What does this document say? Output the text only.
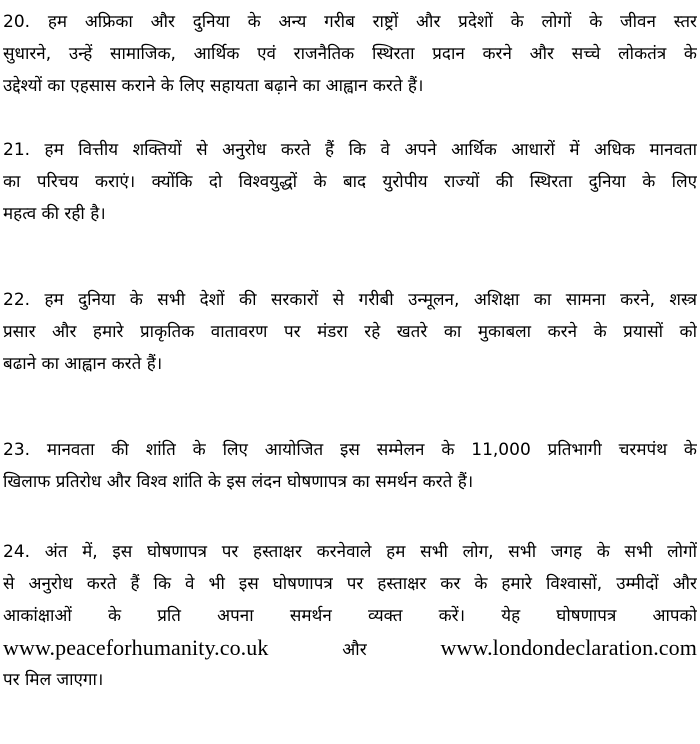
20. हम अफ्रिका और दुनिया के अन्य गरीब राष्ट्रों और प्रदेशों के लोगों के जीवन स्तर
सुधारने, उन्हें सामाजिक, आर्थिक एवं राजनैतिक स्थिरता प्रदान करने और सच्चे लोकतंत्र के
उद्देश्यों का एहसास कराने के लिए सहायता बढ़ाने का आह्वान करते हैं।
21. हम वित्तीय शक्तियों से अनुरोध करते हैं कि वे अपने आर्थिक आधारों में अधिक मानवता
का परिचय कराएं। क्योंकि दो विश्वयुद्धों के बाद युरोपीय राज्यों की स्थिरता दुनिया के लिए
महत्व की रही है।
22. हम दुनिया के सभी देशों की सरकारों से गरीबी उन्मूलन, अशिक्षा का सामना करने, शस्त्र
प्रसार और हमारे प्राकृतिक वातावरण पर मंडरा रहे खतरे का मुकाबला करने के प्रयासों को
बढाने का आह्वान करते हैं।
23. मानवता की शांति के लिए आयोजित इस सम्मेलन के 11,000 प्रतिभागी चरमपंथ के
खिलाफ प्रतिरोध और विश्व शांति के इस लंदन घोषणापत्र का समर्थन करते हैं।
24. अंत में, इस घोषणापत्र पर हस्ताक्षर करनेवाले हम सभी लोग, सभी जगह के सभी लोगों
से अनुरोध करते हैं कि वे भी इस घोषणापत्र पर हस्ताक्षर कर के हमारे विश्वासों, उम्मीदों और
आकांक्षाओं के प्रति अपना समर्थन व्यक्त करें। येह घोषणापत्र आपको
www.peaceforhumanity.co.uk	और	www.londondeclaration.com
पर मिल जाएगा।
